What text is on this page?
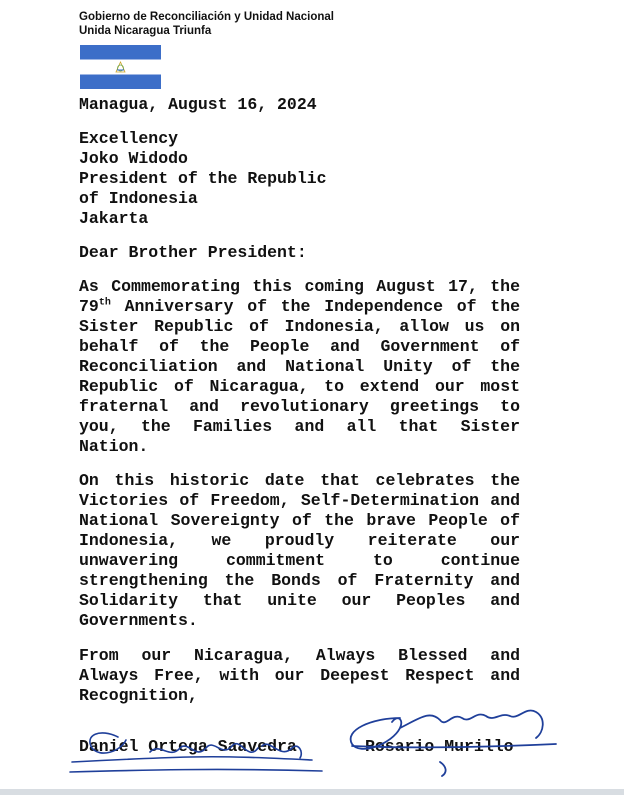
Gobierno de Reconciliación y Unidad Nacional
Unida Nicaragua Triunfa
Managua, August 16, 2024
Excellency
Joko Widodo
President of the Republic
of Indonesia
Jakarta
Dear Brother President:
As Commemorating this coming August 17, the 79th Anniversary of the Independence of the Sister Republic of Indonesia, allow us on behalf of the People and Government of Reconciliation and National Unity of the Republic of Nicaragua, to extend our most fraternal and revolutionary greetings to you, the Families and all that Sister Nation.
On this historic date that celebrates the Victories of Freedom, Self-Determination and National Sovereignty of the brave People of Indonesia, we proudly reiterate our unwavering commitment to continue strengthening the Bonds of Fraternity and Solidarity that unite our Peoples and Governments.
From our Nicaragua, Always Blessed and Always Free, with our Deepest Respect and Recognition,
Daniel Ortega Saavedra	Rosario Murillo
